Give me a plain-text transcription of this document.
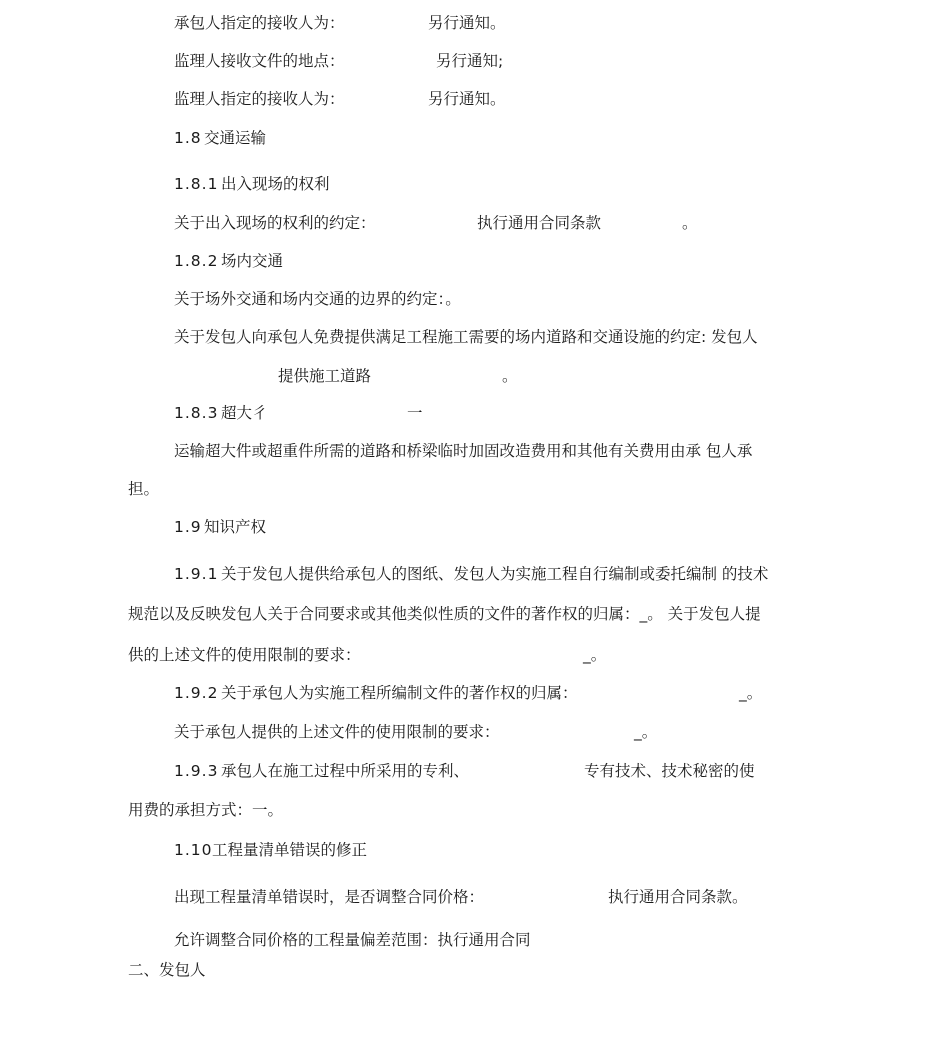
承包人指定的接收人为：	另行通知。
监理人接收文件的地点：	另行通知;
监理人指定的接收人为：	另行通知。
1.8 交通运输
1.8.1 出入现场的权利
关于出入现场的权利的约定：	执行通用合同条款	。
1.8.2 场内交通
关于场外交通和场内交通的边界的约定：。
关于发包人向承包人免费提供满足工程施工需要的场内道路和交通设施的约定: 发包人
提供施工道路	。
1.8.3 超大彳	一
运输超大件或超重件所需的道路和桥梁临时加固改造费用和其他有关费用由承 包人承
担。
1.9 知识产权
1.9.1 关于发包人提供给承包人的图纸、发包人为实施工程自行编制或委托编制 的技术
规范以及反映发包人关于合同要求或其他类似性质的文件的著作权的归属：_。 关于发包人提
供的上述文件的使用限制的要求：	_。
1.9.2 关于承包人为实施工程所编制文件的著作权的归属：	_。
关于承包人提供的上述文件的使用限制的要求：	_。
1.9.3 承包人在施工过程中所采用的专利、	专有技术、技术秘密的使
用费的承担方式：一。
1.10 工程量清单错误的修正
出现工程量清单错误时，是否调整合同价格：	执行通用合同条款。
允许调整合同价格的工程量偏差范围：执行通用合同
二、发包人
